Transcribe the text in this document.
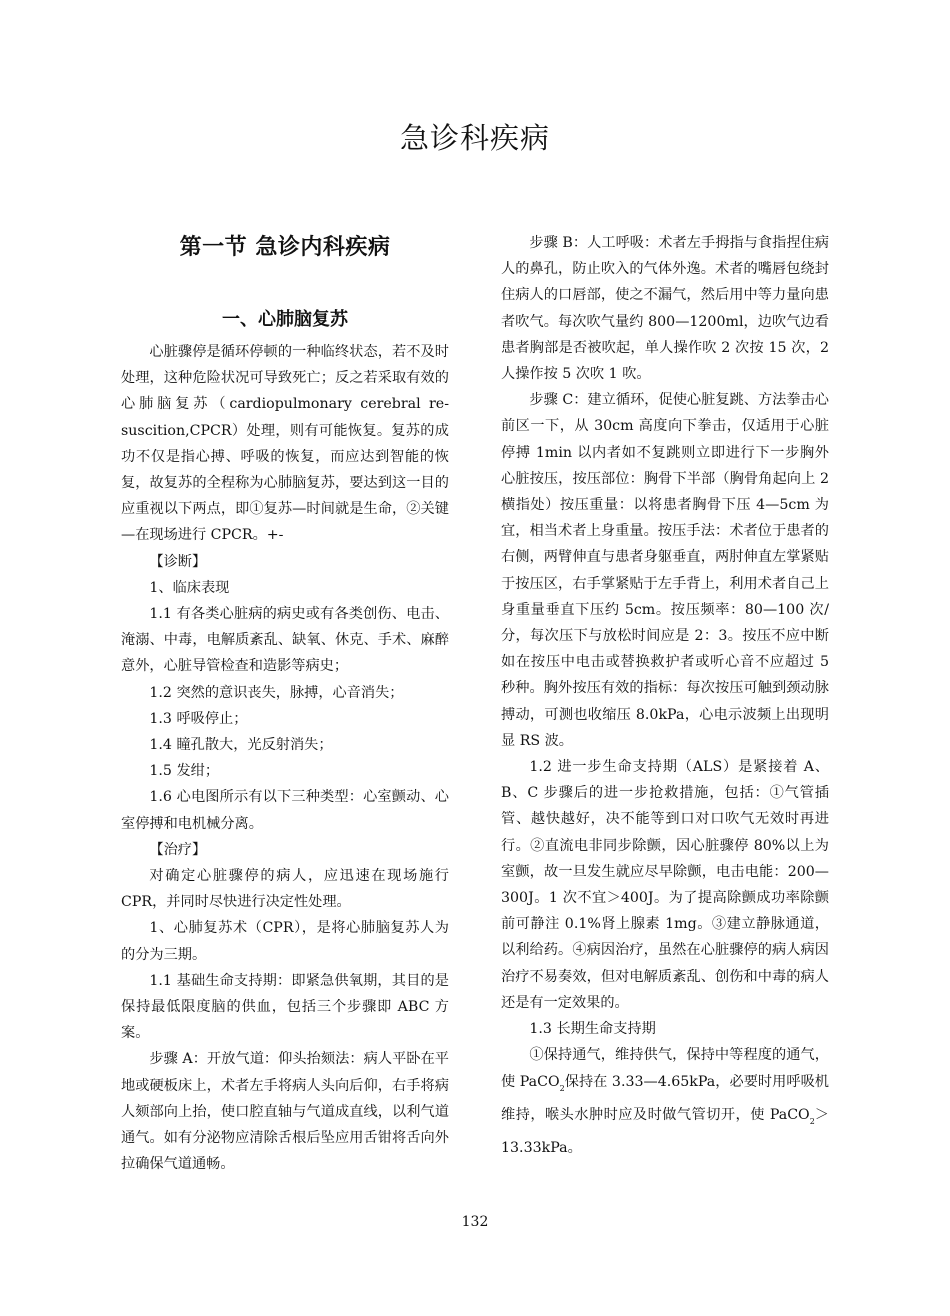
急诊科疾病
第一节 急诊内科疾病
一、心肺脑复苏

心脏骤停是循环停顿的一种临终状态，若不及时处理，这种危险状况可导致死亡；反之若采取有效的心肺脑复苏（cardiopulmonary cerebral re-suscition,CPCR）处理，则有可能恢复。复苏的成功不仅是指心搏、呼吸的恢复，而应达到智能的恢复，故复苏的全程称为心肺脑复苏，要达到这一目的应重视以下两点，即①复苏—时间就是生命，②关键—在现场进行 CPCR。+-

【诊断】

1、临床表现

1.1 有各类心脏病的病史或有各类创伤、电击、淹溺、中毒，电解质紊乱、缺氧、休克、手术、麻醉意外，心脏导管检查和造影等病史；

1.2 突然的意识丧失，脉搏，心音消失；

1.3 呼吸停止；

1.4 瞳孔散大，光反射消失；

1.5 发绀；

1.6 心电图所示有以下三种类型：心室颤动、心室停搏和电机械分离。

【治疗】

对确定心脏骤停的病人，应迅速在现场施行 CPR，并同时尽快进行决定性处理。

1、心肺复苏术（CPR），是将心肺脑复苏人为的分为三期。

1.1 基础生命支持期：即紧急供氧期，其目的是保持最低限度脑的供血，包括三个步骤即 ABC 方案。

步骤 A：开放气道：仰头抬颏法：病人平卧在平地或硬板床上，术者左手将病人头向后仰，右手将病人颏部向上抬，使口腔直轴与气道成直线，以利气道通气。如有分泌物应清除舌根后坠应用舌钳将舌向外拉确保气道通畅。

步骤 B：人工呼吸：术者左手拇指与食指捏住病人的鼻孔，防止吹入的气体外逸。术者的嘴唇包绕封住病人的口唇部，使之不漏气，然后用中等力量向患者吹气。每次吹气量约 800—1200ml，边吹气边看患者胸部是否被吹起，单人操作吹 2 次按 15 次，2 人操作按 5 次吹 1 吹。

步骤 C：建立循环，促使心脏复跳、方法拳击心前区一下，从 30cm 高度向下拳击，仅适用于心脏停搏 1min 以内者如不复跳则立即进行下一步胸外心脏按压，按压部位：胸骨下半部（胸骨角起向上 2 横指处）按压重量：以将患者胸骨下压 4—5cm 为宜，相当术者上身重量。按压手法：术者位于患者的右侧，两臂伸直与患者身躯垂直，两肘伸直左掌紧贴于按压区，右手掌紧贴于左手背上，利用术者自己上身重量垂直下压约 5cm。按压频率：80—100 次/分，每次压下与放松时间应是 2：3。按压不应中断如在按压中电击或替换救护者或听心音不应超过 5 秒种。胸外按压有效的指标：每次按压可触到颈动脉搏动，可测也收缩压 8.0kPa，心电示波频上出现明显 RS 波。

1.2 进一步生命支持期（ALS）是紧接着 A、B、C 步骤后的进一步抢救措施，包括：①气管插管、越快越好，决不能等到口对口吹气无效时再进行。②直流电非同步除颤，因心脏骤停 80%以上为室颤，故一旦发生就应尽早除颤，电击电能：200—300J。1 次不宜＞400J。为了提高除颤成功率除颤前可静注 0.1%肾上腺素 1mg。③建立静脉通道，以利给药。④病因治疗，虽然在心脏骤停的病人病因治疗不易奏效，但对电解质紊乱、创伤和中毒的病人还是有一定效果的。

1.3 长期生命支持期

①保持通气，维持供气，保持中等程度的通气，使 PaCO$_2$保持在 3.33—4.65kPa，必要时用呼吸机维持，喉头水肿时应及时做气管切开，使 PaCO$_2$＞13.33kPa。

132
